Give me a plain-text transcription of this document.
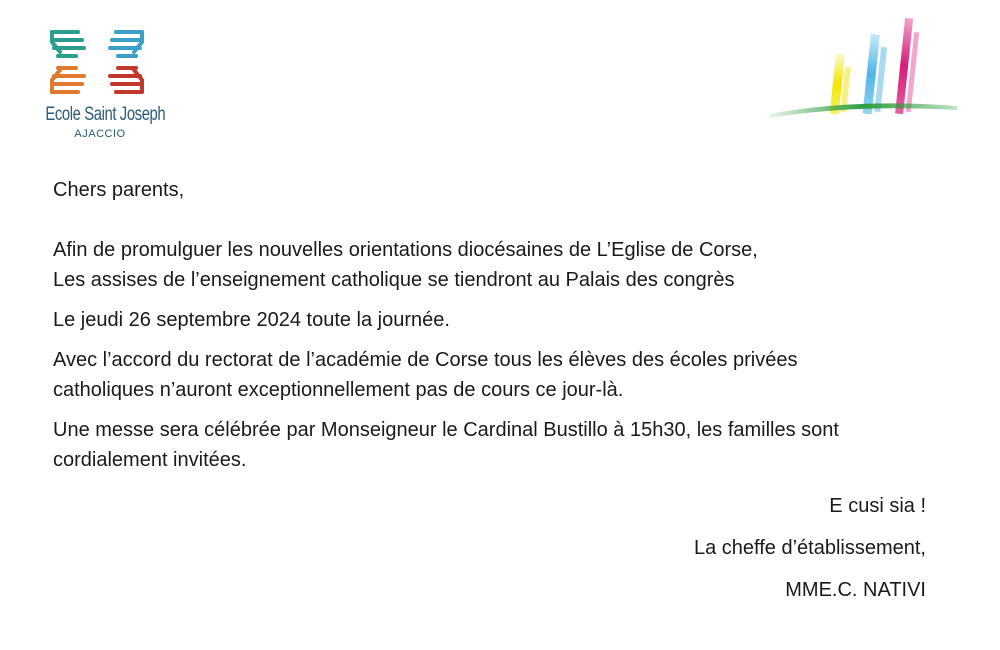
Ecole Saint Joseph
AJACCIO

Chers parents,

Afin de promulguer les nouvelles orientations diocésaines de L’Eglise de Corse,
Les assises de l’enseignement catholique se tiendront au Palais des congrès

Le jeudi 26 septembre 2024 toute la journée.

Avec l’accord du rectorat de l’académie de Corse tous les élèves des écoles privées catholiques n’auront exceptionnellement pas de cours ce jour-là.

Une messe sera célébrée par Monseigneur le Cardinal Bustillo à 15h30, les familles sont cordialement invitées.

E cusi sia !

La cheffe d’établissement,

MME.C. NATIVI
